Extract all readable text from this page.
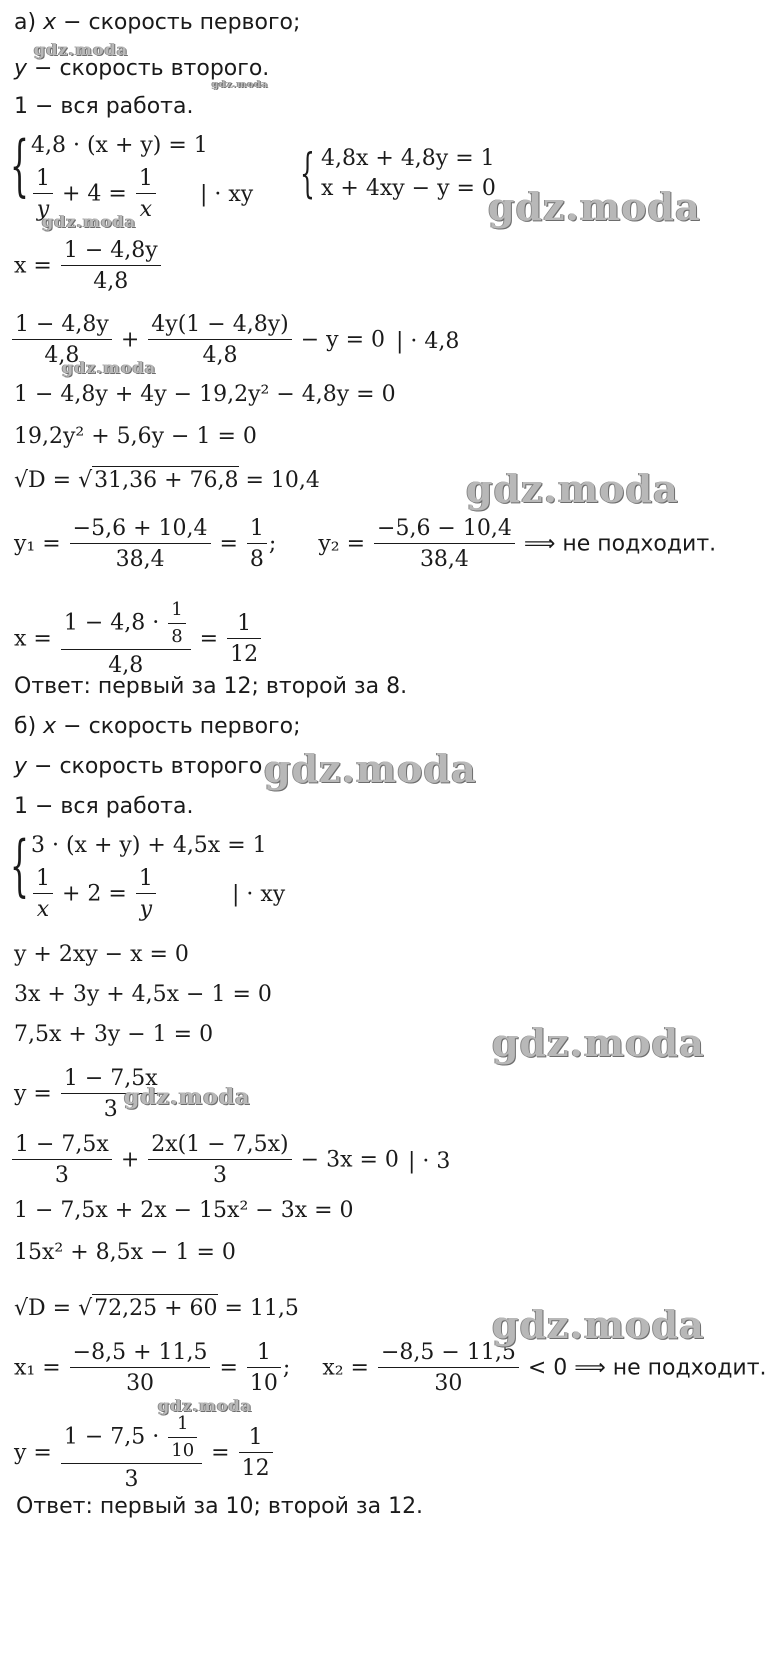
а) x − скорость первого;
y − скорость второго.
1 − вся работа.
{ 4,8 · (x + y) = 1
$\frac{1}{y} + 4 = \frac{1}{x}$ | · xy { 4,8x + 4,8y = 1
x + 4xy − y = 0
$x = \frac{1 - 4,8y}{4,8}$
$\frac{1 - 4,8y}{4,8} + \frac{4y(1 - 4,8y)}{4,8} - y = 0$ | · 4,8
1 − 4,8y + 4y − 19,2y² − 4,8y = 0
19,2y² + 5,6y − 1 = 0
√D = √31,36 + 76,8 = 10,4
$y_1 = \frac{-5,6 + 10,4}{38,4} = \frac{1}{8}$ ; $y_2 = \frac{-5,6 - 10,4}{38,4}$ ⟹ не подходит.
$x = \frac{1 - 4,8 \cdot \frac{1}{8}}{4,8} = \frac{1}{12}$
Ответ: первый за 12; второй за 8.
б) x − скорость первого;
y − скорость второго.
1 − вся работа.
{ 3 · (x + y) + 4,5x = 1
$\frac{1}{x} + 2 = \frac{1}{y}$	| · xy
y + 2xy − x = 0
3x + 3y + 4,5x − 1 = 0
7,5x + 3y − 1 = 0
$y = \frac{1 - 7,5x}{3}$
$\frac{1 - 7,5x}{3} + \frac{2x(1 - 7,5x)}{3} - 3x = 0$ | · 3
1 − 7,5x + 2x − 15x² − 3x = 0
15x² + 8,5x − 1 = 0
√D = √72,25 + 60 = 11,5
$x_1 = \frac{-8,5 + 11,5}{30} = \frac{1}{10}$ ; $x_2 = \frac{-8,5 - 11,5}{30} < 0$ ⟹ не подходит.
$y = \frac{1 - 7,5 \cdot \frac{1}{10}}{3} = \frac{1}{12}$
Ответ: первый за 10; второй за 12.
gdz.moda
gdz.moda
gdz.moda	gdz.moda
gdz.moda
gdz.moda
gdz.moda
gdz.moda
gdz.moda
gdz.moda
gdz.moda
